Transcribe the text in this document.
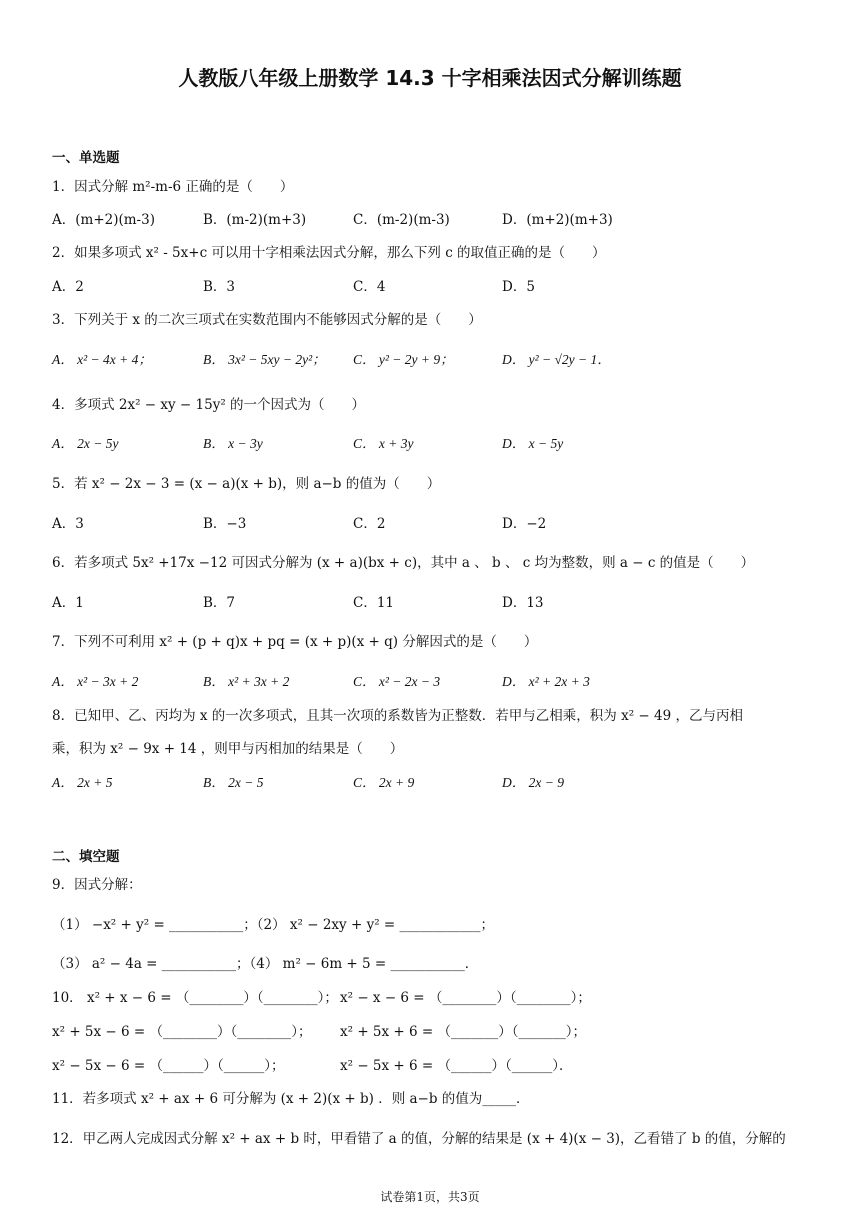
人教版八年级上册数学 14.3 十字相乘法因式分解训练题
一、单选题
1．因式分解 m²-m-6 正确的是（　　）
A．(m+2)(m-3)	B．(m-2)(m+3)	C．(m-2)(m-3)	D．(m+2)(m+3)
2．如果多项式 x² - 5x+c 可以用十字相乘法因式分解，那么下列 c 的取值正确的是（　　）
A．2	B．3	C．4	D．5
3．下列关于 x 的二次三项式在实数范围内不能够因式分解的是（　　）
A． x² − 4x + 4；	B． 3x² − 5xy − 2y²； C． y² − 2y + 9；	D． y² − √2y − 1．
4．多项式 2x² − xy − 15y² 的一个因式为（　　）
A． 2x − 5y	B． x − 3y	C． x + 3y	D． x − 5y
5．若 x² − 2x − 3 = (x − a)(x + b)，则 a−b 的值为（　　）
A．3	B．−3	C．2	D．−2
6．若多项式 5x² +17x −12 可因式分解为 (x + a)(bx + c)，其中 a 、 b 、 c 均为整数，则 a − c 的值是（　　）
A．1	B．7	C．11	D．13
7．下列不可利用 x² + (p + q)x + pq = (x + p)(x + q) 分解因式的是（　　）
A． x² − 3x + 2	B． x² + 3x + 2	C． x² − 2x − 3	D． x² + 2x + 3
8．已知甲、乙、丙均为 x 的一次多项式，且其一次项的系数皆为正整数．若甲与乙相乘，积为 x² − 49 ，乙与丙相
乘，积为 x² − 9x + 14 ，则甲与丙相加的结果是（　　）
A． 2x + 5	B． 2x − 5	C． 2x + 9	D． 2x − 9
二、填空题
9．因式分解：
（1） −x² + y² = ___________；（2） x² − 2xy + y² = ____________；
（3） a² − 4a = ___________；（4） m² − 6m + 5 = ___________．
10． x² + x − 6 = （________）（________）； x² − x − 6 = （________）（________）；
x² + 5x − 6 = （________）（________）； x² + 5x + 6 = （_______）（_______）；
x² − 5x − 6 = （______）（______）；	x² − 5x + 6 = （______）（______）．
11．若多项式 x² + ax + 6 可分解为 (x + 2)(x + b) ．则 a−b 的值为_____．
12．甲乙两人完成因式分解 x² + ax + b 时，甲看错了 a 的值，分解的结果是 (x + 4)(x − 3)，乙看错了 b 的值，分解的
试卷第1页，共3页
